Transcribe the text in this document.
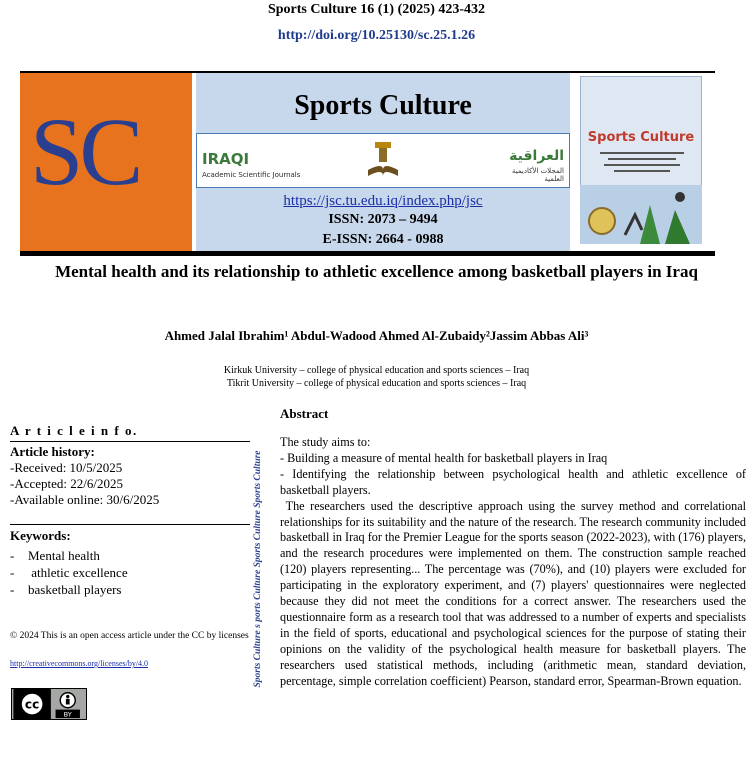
Sports Culture 16 (1) (2025) 423-432
http://doi.org/10.25130/sc.25.1.26
SC	Sports Culture
IRAQI
Academic Scientific Journals
العراقية
المجلات الأكاديمية العلمية
https://jsc.tu.edu.iq/index.php/jsc
ISSN: 2073 – 9494
E-ISSN: 2664 - 0988
Sports Culture
Mental health and its relationship to athletic excellence among basketball players in Iraq
Ahmed Jalal Ibrahim¹ Abdul-Wadood Ahmed Al-Zubaidy²Jassim Abbas Ali³
Kirkuk University – college of physical education and sports sciences – Iraq
Tikrit University – college of physical education and sports sciences – Iraq
A r t i c l e i n f o.
Article history:
-Received: 10/5/2025
-Accepted: 22/6/2025
-Available online: 30/6/2025
Keywords:
-	Mental health
-	athletic excellence
-	basketball players	Sports Culture s ports Culture Sports Culture Sports Culture
© 2024 This is an open access article under the CC by licenses
http://creativecommons.org/licenses/by/4.0
cc
BY
Abstract

The study aims to:

- Building a measure of mental health for basketball players in Iraq

- Identifying the relationship between psychological health and athletic excellence of basketball players.

The researchers used the descriptive approach using the survey method and correlational relationships for its suitability and the nature of the research. The research community included basketball in Iraq for the Premier League for the sports season (2022-2023), with (176) players, and the research procedures were implemented on them. The construction sample reached (120) players representing... The percentage was (70%), and (10) players were excluded for participating in the exploratory experiment, and (7) players' questionnaires were neglected because they did not meet the conditions for a correct answer. The researchers used the questionnaire form as a research tool that was addressed to a number of experts and specialists in the field of sports, educational and psychological sciences for the purpose of stating their opinions on the validity of the psychological health measure for basketball players. The researchers used statistical methods, including (arithmetic mean, standard deviation, percentage, simple correlation coefficient) Pearson, standard error, Spearman-Brown equation.
